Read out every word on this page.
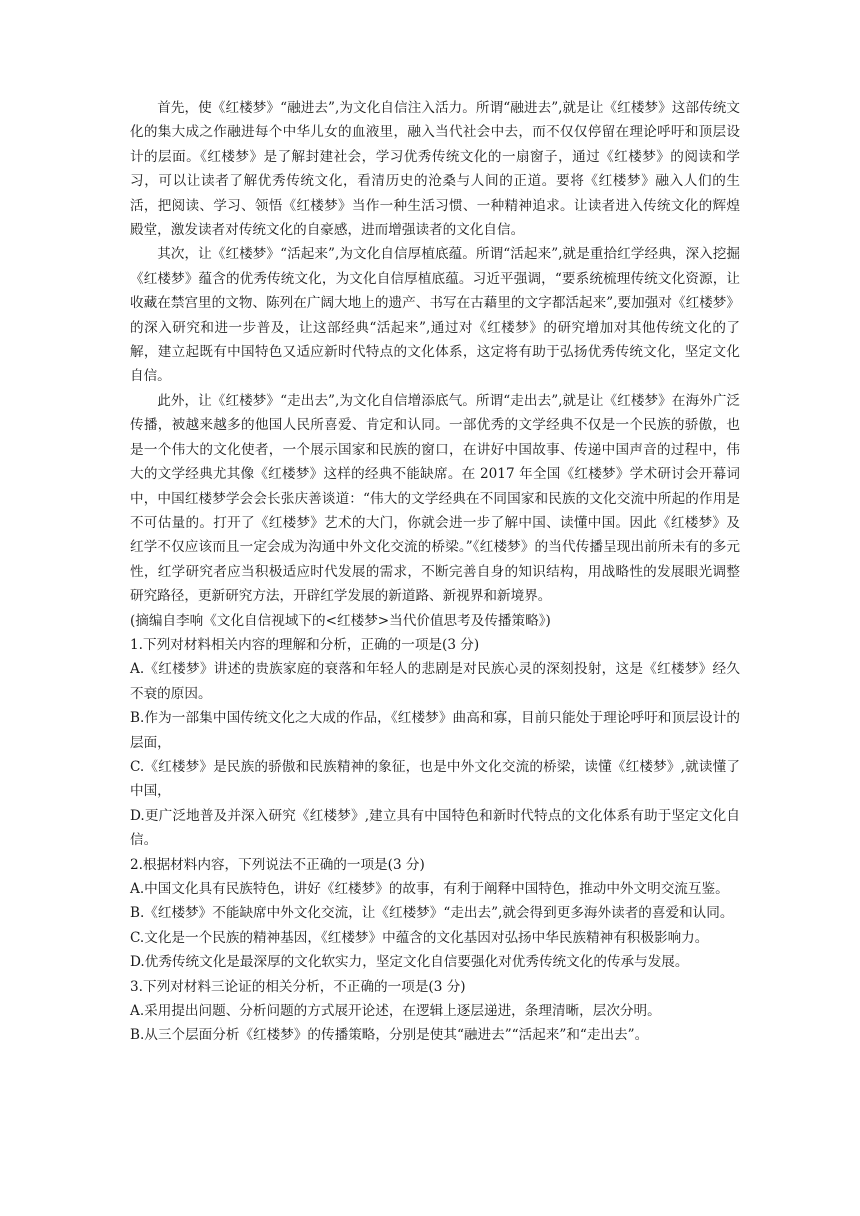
首先，使《红楼梦》“融进去”,为文化自信注入活力。所谓“融进去”,就是让《红楼梦》这部传统文化的集大成之作融进每个中华儿女的血液里，融入当代社会中去，而不仅仅停留在理论呼吁和顶层设计的层面。《红楼梦》是了解封建社会，学习优秀传统文化的一扇窗子，通过《红楼梦》的阅读和学习，可以让读者了解优秀传统文化，看清历史的沧桑与人间的正道。要将《红楼梦》融入人们的生活，把阅读、学习、领悟《红楼梦》当作一种生活习惯、一种精神追求。让读者进入传统文化的辉煌殿堂，激发读者对传统文化的自豪感，进而增强读者的文化自信。

其次，让《红楼梦》“活起来”,为文化自信厚植底蕴。所谓“活起来”,就是重拾红学经典，深入挖掘《红楼梦》蕴含的优秀传统文化，为文化自信厚植底蕴。习近平强调，“要系统梳理传统文化资源，让收藏在禁宫里的文物、陈列在广阔大地上的遗产、书写在古藉里的文字都活起来”,要加强对《红楼梦》的深入研究和进一步普及，让这部经典“活起来”,通过对《红楼梦》的研究增加对其他传统文化的了解，建立起既有中国特色又适应新时代特点的文化体系，这定将有助于弘扬优秀传统文化，坚定文化自信。

此外，让《红楼梦》“走出去”,为文化自信增添底气。所谓“走出去”,就是让《红楼梦》在海外广泛传播，被越来越多的他国人民所喜爱、肯定和认同。一部优秀的文学经典不仅是一个民族的骄傲，也是一个伟大的文化使者，一个展示国家和民族的窗口，在讲好中国故事、传递中国声音的过程中，伟大的文学经典尤其像《红楼梦》这样的经典不能缺席。在 2017 年全国《红楼梦》学术研讨会开幕词中，中国红楼梦学会会长张庆善谈道：“伟大的文学经典在不同国家和民族的文化交流中所起的作用是不可估量的。打开了《红楼梦》艺术的大门，你就会进一步了解中国、读懂中国。因此《红楼梦》及红学不仅应该而且一定会成为沟通中外文化交流的桥梁。”《红楼梦》的当代传播呈现出前所未有的多元性，红学研究者应当积极适应时代发展的需求，不断完善自身的知识结构，用战略性的发展眼光调整研究路径，更新研究方法，开辟红学发展的新道路、新视界和新境界。

(摘编自李响《文化自信视域下的<红楼梦>当代价值思考及传播策略》)

1.下列对材料相关内容的理解和分析，正确的一项是(3 分)

A.《红楼梦》讲述的贵族家庭的衰落和年轻人的悲剧是对民族心灵的深刻投射，这是《红楼梦》经久不衰的原因。

B.作为一部集中国传统文化之大成的作品，《红楼梦》曲高和寡，目前只能处于理论呼吁和顶层设计的层面，

C.《红楼梦》是民族的骄傲和民族精神的象征，也是中外文化交流的桥梁，读懂《红楼梦》,就读懂了中国，

D.更广泛地普及并深入研究《红楼梦》,建立具有中国特色和新时代特点的文化体系有助于坚定文化自信。

2.根据材料内容，下列说法不正确的一项是(3 分)

A.中国文化具有民族特色，讲好《红楼梦》的故事，有利于阐释中国特色，推动中外文明交流互鉴。

B.《红楼梦》不能缺席中外文化交流，让《红楼梦》“走出去”,就会得到更多海外读者的喜爱和认同。

C.文化是一个民族的精神基因，《红楼梦》中蕴含的文化基因对弘扬中华民族精神有积极影响力。

D.优秀传统文化是最深厚的文化软实力，坚定文化自信要强化对优秀传统文化的传承与发展。

3.下列对材料三论证的相关分析，不正确的一项是(3 分)

A.采用提出问题、分析问题的方式展开论述，在逻辑上逐层递进，条理清晰，层次分明。

B.从三个层面分析《红楼梦》的传播策略，分别是使其“融进去”“活起来”和“走出去”。
